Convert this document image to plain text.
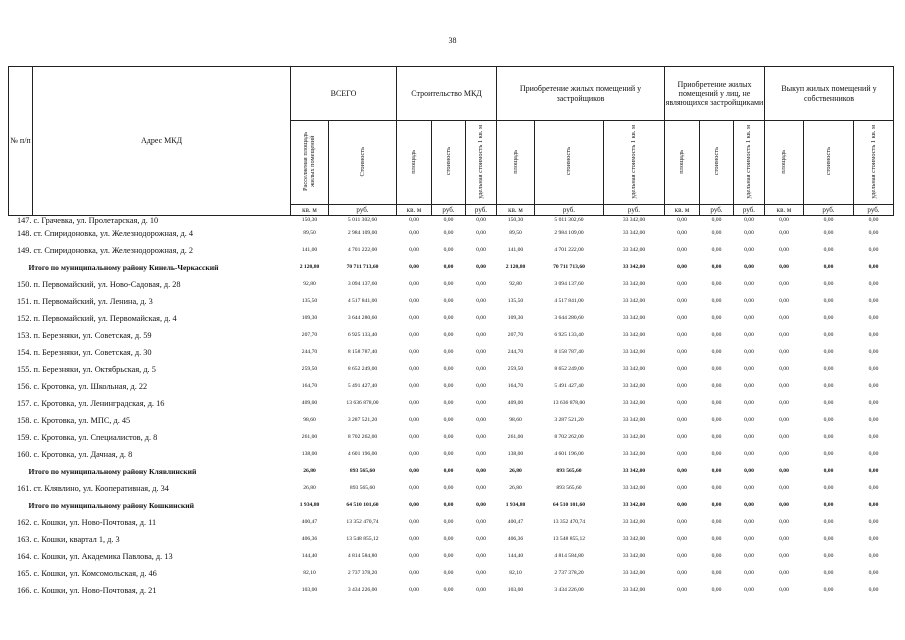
38
№ п/п	Адрес МКД	ВСЕГО		Строительство МКД			Приобретение жилых помещений у застройщиков			Приобретение жилых помещений у лиц, не являющихся застройщиками			Выкуп жилых помещений у собственников		
		Расселяемая площадь жилых помещений	Стоимость	площадь	стоимость	удельная стоимость 1 кв. м	площадь	стоимость	удельная стоимость 1 кв. м	площадь	стоимость	удельная стоимость 1 кв. м	площадь	стоимость	удельная стоимость 1 кв. м
		кв. м	руб.	кв. м	руб.	руб.	кв. м	руб.	руб.	кв. м	руб.	руб.	кв. м	руб.	руб.
147.	с. Грачевка, ул. Пролетарская, д. 10	150,30	5 011 302,60	0,00	0,00	0,00	150,30	5 011 302,60	33 342,00	0,00	0,00	0,00	0,00	0,00	0,00
148.	ст. Спиридоновка, ул. Железнодорожная, д. 4	89,50	2 984 109,00	0,00	0,00	0,00	89,50	2 984 109,00	33 342,00	0,00	0,00	0,00	0,00	0,00	0,00
149.	ст. Спиридоновка, ул. Железнодорожная, д. 2	141,00	4 701 222,00	0,00	0,00	0,00	141,00	4 701 222,00	33 342,00	0,00	0,00	0,00	0,00	0,00	0,00
Итого по муниципальному району Кинель-Черкасский		2 120,80	70 711 713,60	0,00	0,00	0,00	2 120,80	70 711 713,60	33 342,00	0,00	0,00	0,00	0,00	0,00	0,00
150.	п. Первомайский, ул. Ново-Садовая, д. 28	92,80	3 094 137,60	0,00	0,00	0,00	92,80	3 094 137,60	33 342,00	0,00	0,00	0,00	0,00	0,00	0,00
151.	п. Первомайский, ул. Ленина, д. 3	135,50	4 517 841,00	0,00	0,00	0,00	135,50	4 517 841,00	33 342,00	0,00	0,00	0,00	0,00	0,00	0,00
152.	п. Первомайский, ул. Первомайская, д. 4	109,30	3 644 280,60	0,00	0,00	0,00	109,30	3 644 280,60	33 342,00	0,00	0,00	0,00	0,00	0,00	0,00
153.	п. Березняки, ул. Советская, д. 59	207,70	6 925 133,40	0,00	0,00	0,00	207,70	6 925 133,40	33 342,00	0,00	0,00	0,00	0,00	0,00	0,00
154.	п. Березняки, ул. Советская, д. 30	244,70	8 158 787,40	0,00	0,00	0,00	244,70	8 158 787,40	33 342,00	0,00	0,00	0,00	0,00	0,00	0,00
155.	п. Березняки, ул. Октябрьская, д. 5	259,50	8 652 249,00	0,00	0,00	0,00	259,50	8 652 249,00	33 342,00	0,00	0,00	0,00	0,00	0,00	0,00
156.	с. Кротовка, ул. Школьная, д. 22	164,70	5 491 427,40	0,00	0,00	0,00	164,70	5 491 427,40	33 342,00	0,00	0,00	0,00	0,00	0,00	0,00
157.	с. Кротовка, ул. Ленинградская, д. 16	409,00	13 636 878,00	0,00	0,00	0,00	409,00	13 636 878,00	33 342,00	0,00	0,00	0,00	0,00	0,00	0,00
158.	с. Кротовка, ул. МПС, д. 45	98,60	3 287 521,20	0,00	0,00	0,00	98,60	3 287 521,20	33 342,00	0,00	0,00	0,00	0,00	0,00	0,00
159.	с. Кротовка, ул. Специалистов, д. 8	261,00	8 702 262,00	0,00	0,00	0,00	261,00	8 702 262,00	33 342,00	0,00	0,00	0,00	0,00	0,00	0,00
160.	с. Кротовка, ул. Дачная, д. 8	138,00	4 601 196,00	0,00	0,00	0,00	138,00	4 601 196,00	33 342,00	0,00	0,00	0,00	0,00	0,00	0,00
Итого по муниципальному району Клявлинский		26,80	893 565,60	0,00	0,00	0,00	26,80	893 565,60	33 342,00	0,00	0,00	0,00	0,00	0,00	0,00
161.	ст. Клявлино, ул. Кооперативная, д. 34	26,80	893 565,60	0,00	0,00	0,00	26,80	893 565,60	33 342,00	0,00	0,00	0,00	0,00	0,00	0,00
Итого по муниципальному району Кошкинский		1 934,80	64 510 101,60	0,00	0,00	0,00	1 934,80	64 510 101,60	33 342,00	0,00	0,00	0,00	0,00	0,00	0,00
162.	с. Кошки, ул. Ново-Почтовая, д. 11	400,47	13 352 470,74	0,00	0,00	0,00	400,47	13 352 470,74	33 342,00	0,00	0,00	0,00	0,00	0,00	0,00
163.	с. Кошки, квартал 1, д. 3	406,36	13 548 855,12	0,00	0,00	0,00	406,36	13 548 855,12	33 342,00	0,00	0,00	0,00	0,00	0,00	0,00
164.	с. Кошки, ул. Академика Павлова, д. 13	144,40	4 814 584,80	0,00	0,00	0,00	144,40	4 814 584,80	33 342,00	0,00	0,00	0,00	0,00	0,00	0,00
165.	с. Кошки, ул. Комсомольская, д. 46	82,10	2 737 378,20	0,00	0,00	0,00	82,10	2 737 378,20	33 342,00	0,00	0,00	0,00	0,00	0,00	0,00
166.	с. Кошки, ул. Ново-Почтовая, д. 21	103,00	3 434 226,00	0,00	0,00	0,00	103,00	3 434 226,00	33 342,00	0,00	0,00	0,00	0,00	0,00	0,00
